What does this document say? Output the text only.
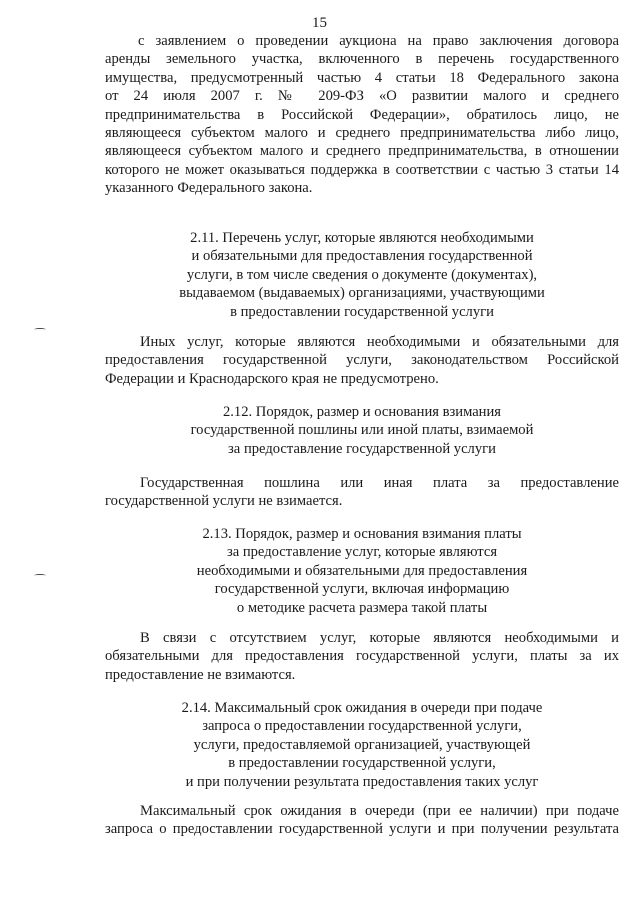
15
с заявлением о проведении аукциона на право заключения договора
аренды земельного участка, включенного в перечень государственного
имущества, предусмотренный частью 4 статьи 18 Федерального закона
от 24 июля 2007 г. № 209-ФЗ «О развитии малого и среднего
предпринимательства в Российской Федерации», обратилось лицо, не
являющееся субъектом малого и среднего предпринимательства либо лицо,
являющееся субъектом малого и среднего предпринимательства, в отношении
которого не может оказываться поддержка в соответствии с частью 3 статьи 14
указанного Федерального закона.
2.11. Перечень услуг, которые являются необходимыми
и обязательными для предоставления государственной
услуги, в том числе сведения о документе (документах),
выдаваемом (выдаваемых) организациями, участвующими
в предоставлении государственной услуги
Иных услуг, которые являются необходимыми и обязательными для
предоставления государственной услуги, законодательством Российской
Федерации и Краснодарского края не предусмотрено.
2.12. Порядок, размер и основания взимания
государственной пошлины или иной платы, взимаемой
за предоставление государственной услуги
Государственная пошлина или иная плата за предоставление
государственной услуги не взимается.
2.13. Порядок, размер и основания взимания платы
за предоставление услуг, которые являются
необходимыми и обязательными для предоставления
государственной услуги, включая информацию
о методике расчета размера такой платы
В связи с отсутствием услуг, которые являются необходимыми и
обязательными для предоставления государственной услуги, платы за их
предоставление не взимаются.
2.14. Максимальный срок ожидания в очереди при подаче
запроса о предоставлении государственной услуги,
услуги, предоставляемой организацией, участвующей
в предоставлении государственной услуги,
и при получении результата предоставления таких услуг
Максимальный срок ожидания в очереди (при ее наличии) при подаче
запроса о предоставлении государственной услуги и при получении результата
